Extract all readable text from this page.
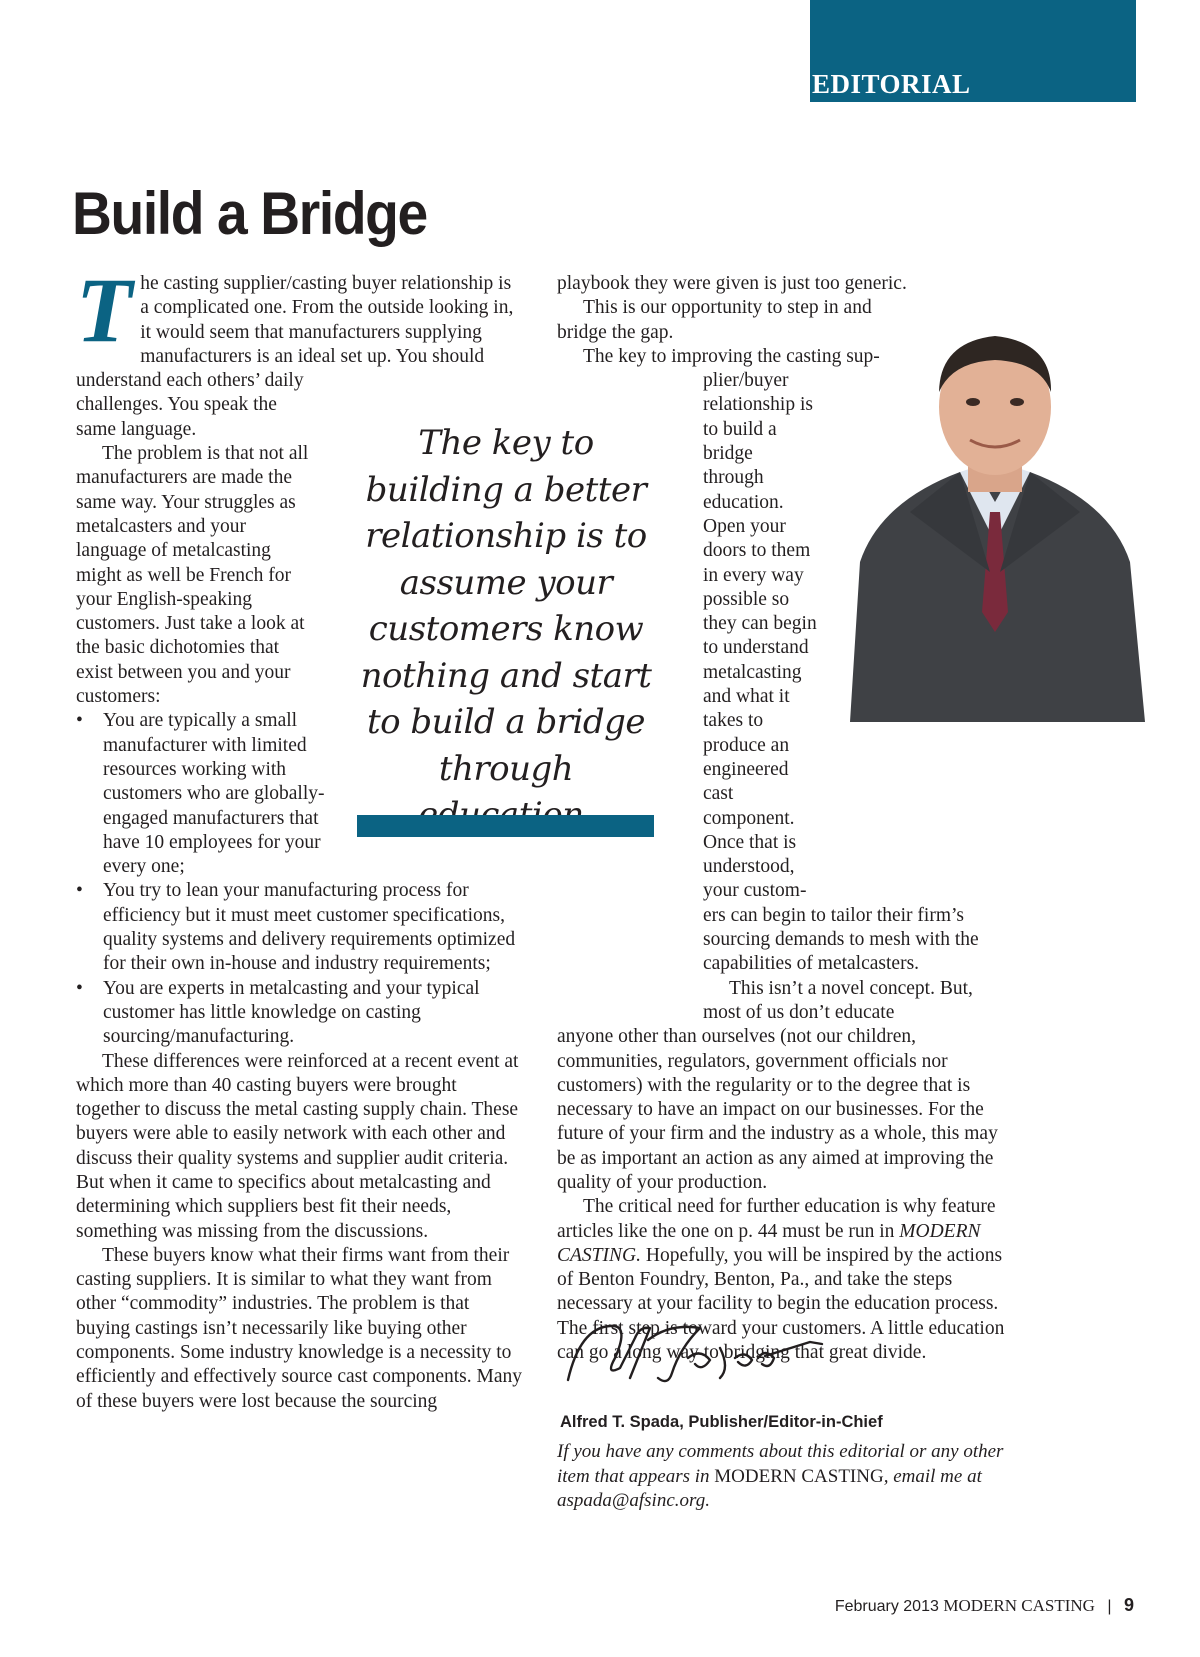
EDITORIAL
Build a Bridge
T he casting supplier/casting buyer relationship is a complicated one. From the outside looking in, it would seem that manufacturers supplying manufacturers is an ideal set up. You should

understand each others’ daily challenges. You speak the same language.

The problem is that not all manufacturers are made the same way. Your struggles as metalcasters and your language of metalcasting might as well be French for your English-speaking customers. Just take a look at the basic dichotomies that exist between you and your customers:

• You are typically a small manufacturer with limited resources working with customers who are globally-engaged manufacturers that have 10 employees for your every one;
• You try to lean your manufacturing process for efficiency but it must meet customer specifications, quality systems and delivery requirements optimized for their own in-house and industry requirements;
• You are experts in metalcasting and your typical customer has little knowledge on casting sourcing/manufacturing.

These differences were reinforced at a recent event at which more than 40 casting buyers were brought together to discuss the metal casting supply chain. These buyers were able to easily network with each other and discuss their quality systems and supplier audit criteria. But when it came to specifics about metalcasting and determining which suppliers best fit their needs, something was missing from the discussions.

These buyers know what their firms want from their casting suppliers. It is similar to what they want from other “commodity” industries. The problem is that buying castings isn’t necessarily like buying other components. Some industry knowledge is a necessity to efficiently and effectively source cast components. Many of these buyers were lost because the sourcing

The key to building a better relationship is to assume your customers know nothing and start to build a bridge through

playbook they were given is just too generic.

This is our opportunity to step in and bridge the gap.

The key to improving the casting sup-

plier/buyer relationship is to build a bridge through education. Open your doors to them in every way possible so they can begin to understand metalcasting and what it takes to produce an engineered cast component. Once that is understood, your custom-

ers can begin to tailor their firm’s sourcing demands to mesh with the capabilities of metalcasters.

This isn’t a novel concept. But, most of us don’t educate

anyone other than ourselves (not our children, communities, regulators, government officials nor customers) with the regularity or to the degree that is necessary to have an impact on our businesses. For the future of your firm and the industry as a whole, this may be as important an action as any aimed at improving the quality of your production.

The critical need for further education is why feature articles like the one on p. 44 must be run in MODERN CASTING. Hopefully, you will be inspired by the actions of Benton Foundry, Benton, Pa., and take the steps necessary at your facility to begin the education process. The first step is toward your customers. A little education can go a long way to bridging that great divide.

Alfred T. Spada, Publisher/Editor-in-Chief

If you have any comments about this editorial or any other item that appears in MODERN CASTING, email me at aspada@afsinc.org.

February 2013 MODERN CASTING | 9
